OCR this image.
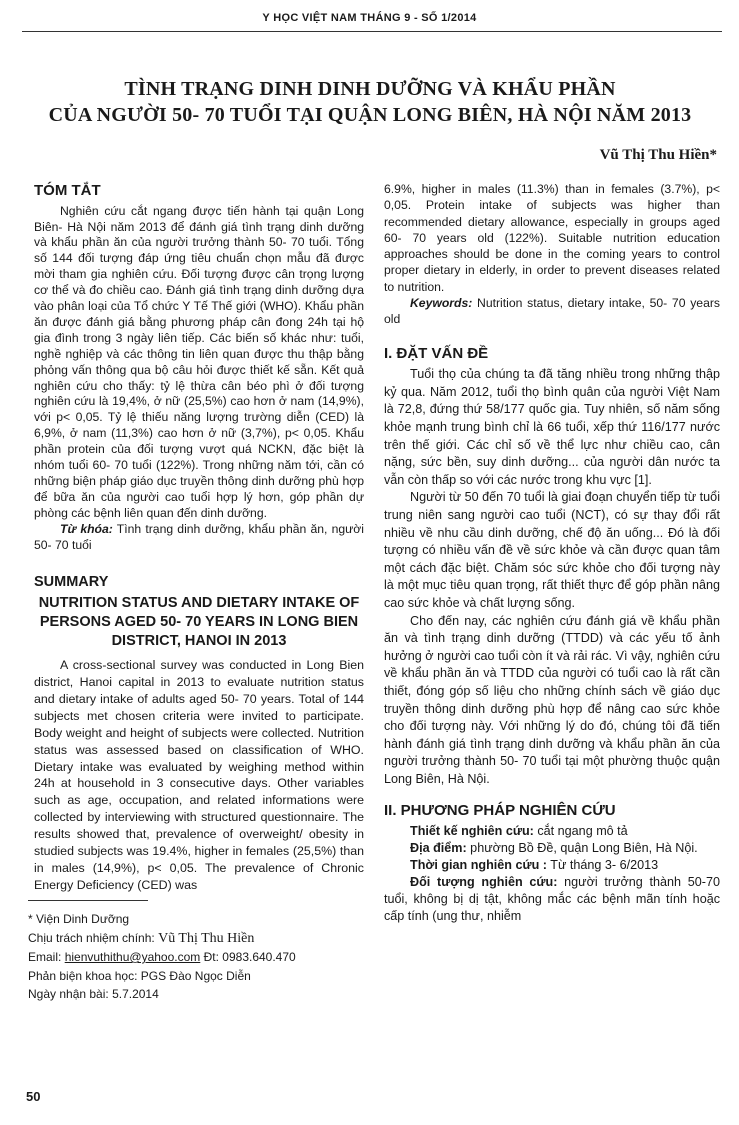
Y HỌC VIỆT NAM THÁNG 9 - SỐ 1/2014
TÌNH TRẠNG DINH DINH DƯỠNG VÀ KHẨU PHẦN
CỦA NGƯỜI 50- 70 TUỔI TẠI QUẬN LONG BIÊN, HÀ NỘI NĂM 2013
Vũ Thị Thu Hiền*
TÓM TẮT

Nghiên cứu cắt ngang được tiến hành tại quận Long Biên- Hà Nội năm 2013 để đánh giá tình trạng dinh dưỡng và khẩu phần ăn của người trưởng thành 50- 70 tuổi. Tổng số 144 đối tượng đáp ứng tiêu chuẩn chọn mẫu đã được mời tham gia nghiên cứu. Đối tượng được cân trọng lượng cơ thể và đo chiều cao. Đánh giá tình trạng dinh dưỡng dựa vào phân loại của Tổ chức Y Tế Thế giới (WHO). Khẩu phần ăn được đánh giá bằng phương pháp cân đong 24h tại hộ gia đình trong 3 ngày liên tiếp. Các biến số khác như: tuổi, nghề nghiệp và các thông tin liên quan được thu thập bằng phỏng vấn thông qua bộ câu hỏi được thiết kế sẵn. Kết quả nghiên cứu cho thấy: tỷ lệ thừa cân béo phì ở đối tượng nghiên cứu là 19,4%, ở nữ (25,5%) cao hơn ở nam (14,9%), với p< 0,05. Tỷ lệ thiếu năng lượng trường diễn (CED) là 6,9%, ở nam (11,3%) cao hơn ở nữ (3,7%), p< 0,05. Khẩu phần protein của đối tượng vượt quá NCKN, đặc biệt là nhóm tuổi 60- 70 tuổi (122%). Trong những năm tới, cần có những biện pháp giáo dục truyền thông dinh dưỡng phù hợp để bữa ăn của người cao tuổi hợp lý hơn, góp phần dự phòng các bệnh liên quan đến dinh dưỡng.

Từ khóa: Tình trạng dinh dưỡng, khẩu phần ăn, người 50- 70 tuổi

SUMMARY
NUTRITION STATUS AND DIETARY INTAKE OF PERSONS AGED 50- 70 YEARS IN LONG BIEN DISTRICT, HANOI IN 2013

A cross-sectional survey was conducted in Long Bien district, Hanoi capital in 2013 to evaluate nutrition status and dietary intake of adults aged 50- 70 years. Total of 144 subjects met chosen criteria were invited to participate. Body weight and height of subjects were collected. Nutrition status was assessed based on classification of WHO. Dietary intake was evaluated by weighing method within 24h at household in 3 consecutive days. Other variables such as age, occupation, and related informations were collected by interviewing with structured questionnaire. The results showed that, prevalence of overweight/ obesity in studied subjects was 19.4%, higher in females (25,5%) than in males (14,9%), p< 0,05. The prevalence of Chronic Energy Deficiency (CED) was

6.9%, higher in males (11.3%) than in females (3.7%), p< 0,05. Protein intake of subjects was higher than recommended dietary allowance, especially in groups aged 60- 70 years old (122%). Suitable nutrition education approaches should be done in the coming years to control proper dietary in elderly, in order to prevent diseases related to nutrition.

Keywords: Nutrition status, dietary intake, 50- 70 years old

I. ĐẶT VẤN ĐỀ

Tuổi thọ của chúng ta đã tăng nhiều trong những thập kỷ qua. Năm 2012, tuổi thọ bình quân của người Việt Nam là 72,8, đứng thứ 58/177 quốc gia. Tuy nhiên, số năm sống khỏe mạnh trung bình chỉ là 66 tuổi, xếp thứ 116/177 nước trên thế giới. Các chỉ số về thể lực như chiều cao, cân nặng, sức bền, suy dinh dưỡng... của người dân nước ta vẫn còn thấp so với các nước trong khu vực [1].

Người từ 50 đến 70 tuổi là giai đoạn chuyển tiếp từ tuổi trung niên sang người cao tuổi (NCT), có sự thay đổi rất nhiều về nhu cầu dinh dưỡng, chế độ ăn uống... Đó là đối tượng có nhiều vấn đề về sức khỏe và cần được quan tâm một cách đặc biệt. Chăm sóc sức khỏe cho đối tượng này là một mục tiêu quan trọng, rất thiết thực để góp phần nâng cao sức khỏe và chất lượng sống.

Cho đến nay, các nghiên cứu đánh giá về khẩu phần ăn và tình trạng dinh dưỡng (TTDD) và các yếu tố ảnh hưởng ở người cao tuổi còn ít và rải rác. Vì vậy, nghiên cứu về khẩu phần ăn và TTDD của người có tuổi cao là rất cần thiết, đóng góp số liệu cho những chính sách về giáo dục truyền thông dinh dưỡng phù hợp để nâng cao sức khỏe cho đối tượng này. Với những lý do đó, chúng tôi đã tiến hành đánh giá tình trạng dinh dưỡng và khẩu phần ăn của người trưởng thành 50- 70 tuổi tại một phường thuộc quận Long Biên, Hà Nội.

II. PHƯƠNG PHÁP NGHIÊN CỨU

Thiết kế nghiên cứu: cắt ngang mô tả

Địa điểm: phường Bồ Đề, quận Long Biên, Hà Nội.

Thời gian nghiên cứu : Từ tháng 3- 6/2013

Đối tượng nghiên cứu: người trưởng thành 50-70 tuổi, không bị dị tật, không mắc các bệnh mãn tính hoặc cấp tính (ung thư, nhiễm

* Viện Dinh Dưỡng
Chịu trách nhiệm chính: Vũ Thị Thu Hiền
Email: hienvuthithu@yahoo.com Đt: 0983.640.470
Phản biện khoa học: PGS Đào Ngọc Diễn
Ngày nhận bài: 5.7.2014
50
